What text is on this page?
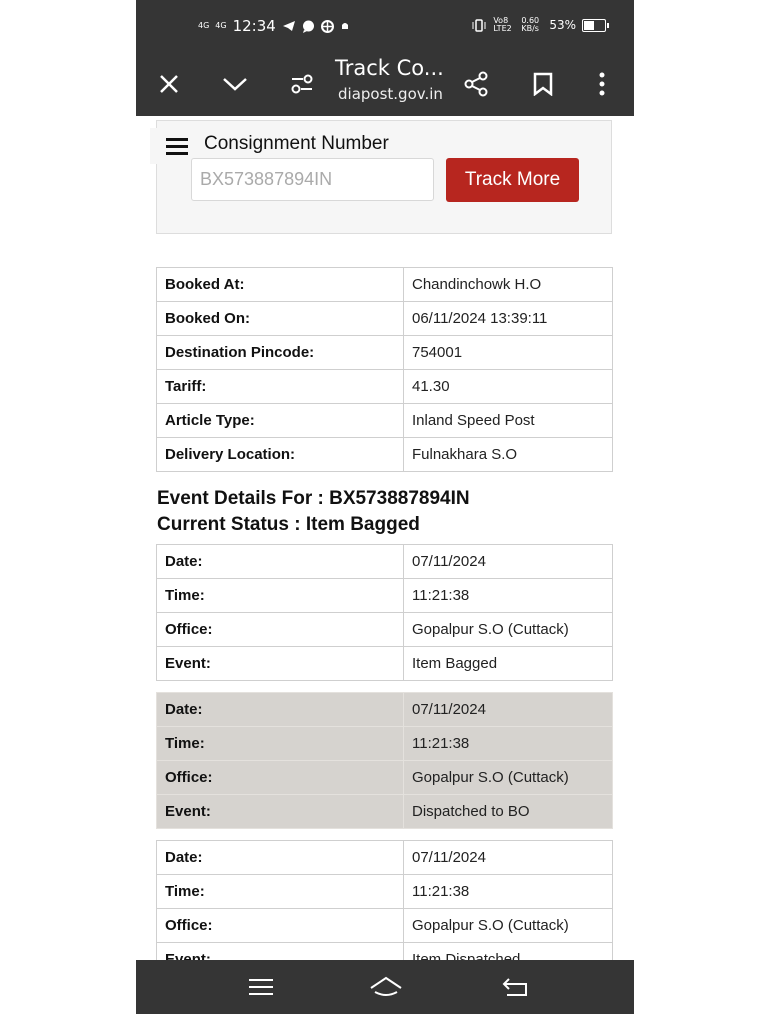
4G 4G 12:34	Vo8 LTE2
0.60 KB/s 53%
Track Co...
diapost.gov.in
Consignment Number
BX573887894IN
Track More
Booked At:	Chandinchowk H.O
Booked On:	06/11/2024 13:39:11
Destination Pincode:	754001
Tariff:	41.30
Article Type:	Inland Speed Post
Delivery Location:	Fulnakhara S.O
Event Details For : BX573887894IN
Current Status : Item Bagged
Date:	07/11/2024
Time:	11:21:38
Office:	Gopalpur S.O (Cuttack)
Event:	Item Bagged
Date:	07/11/2024
Time:	11:21:38
Office:	Gopalpur S.O (Cuttack)
Event:	Dispatched to BO
Date:	07/11/2024
Time:	11:21:38
Office:	Gopalpur S.O (Cuttack)
